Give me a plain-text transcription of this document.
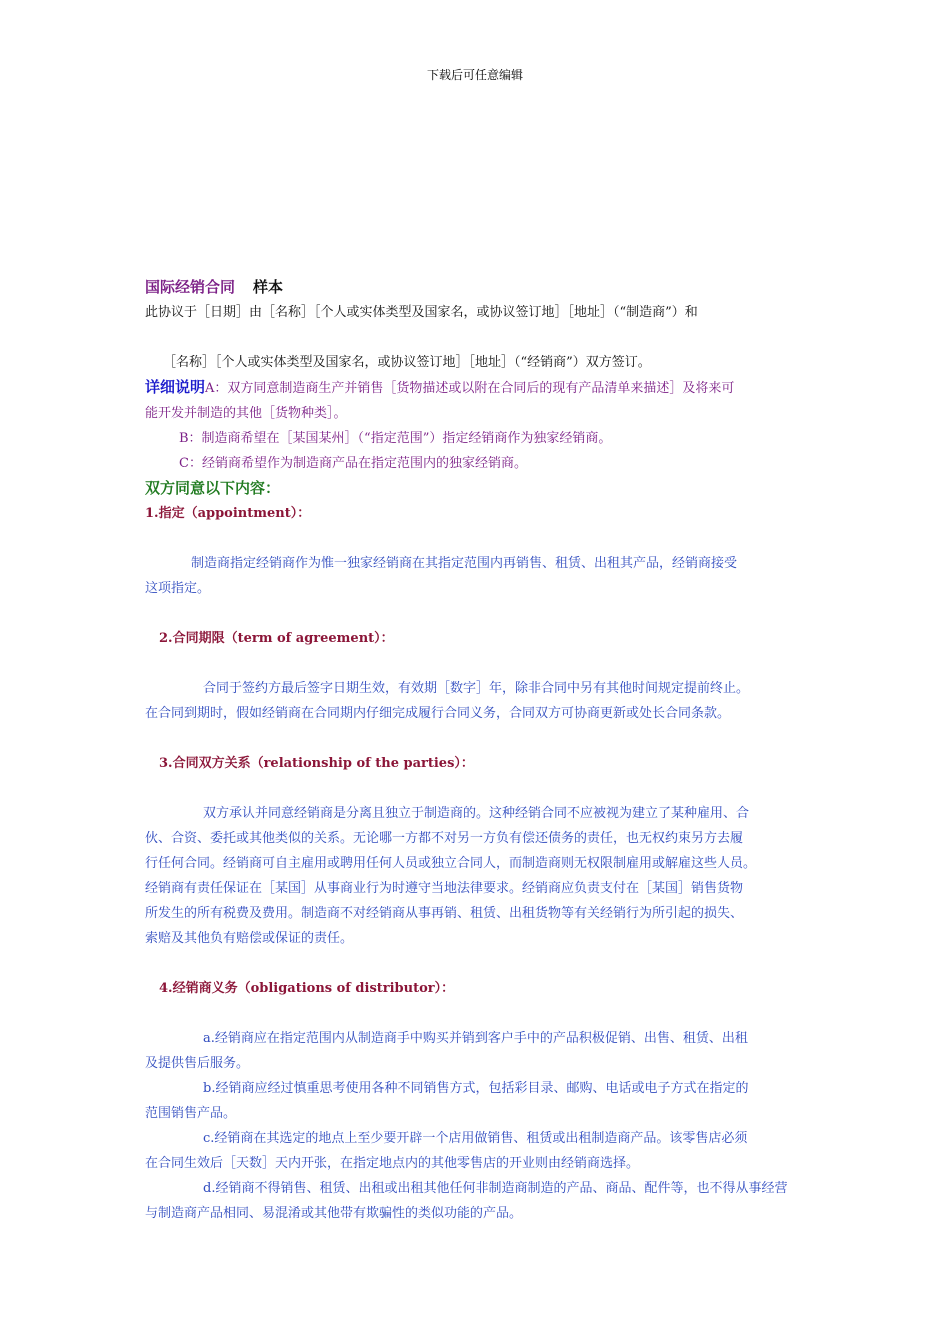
下载后可任意编辑
国际经销合同 样本
此协议于［日期］由［名称］［个人或实体类型及国家名，或协议签订地］［地址］（“制造商”）和
［名称］［个人或实体类型及国家名，或协议签订地］［地址］（“经销商”）双方签订。
详细说明A：双方同意制造商生产并销售［货物描述或以附在合同后的现有产品清单来描述］及将来可
能开发并制造的其他［货物种类］。
B：制造商希望在［某国某州］（“指定范围”）指定经销商作为独家经销商。
C：经销商希望作为制造商产品在指定范围内的独家经销商。
双方同意以下内容：
1.指定（appointment）：
制造商指定经销商作为惟一独家经销商在其指定范围内再销售、租赁、出租其产品，经销商接受
这项指定。
2.合同期限（term of agreement）：
合同于签约方最后签字日期生效，有效期［数字］年，除非合同中另有其他时间规定提前终止。
在合同到期时，假如经销商在合同期内仔细完成履行合同义务，合同双方可协商更新或处长合同条款。
3.合同双方关系（relationship of the parties）：
双方承认并同意经销商是分离且独立于制造商的。这种经销合同不应被视为建立了某种雇用、合
伙、合资、委托或其他类似的关系。无论哪一方都不对另一方负有偿还债务的责任，也无权约束另方去履
行任何合同。经销商可自主雇用或聘用任何人员或独立合同人，而制造商则无权限制雇用或解雇这些人员。
经销商有责任保证在［某国］从事商业行为时遵守当地法律要求。经销商应负责支付在［某国］销售货物
所发生的所有税费及费用。制造商不对经销商从事再销、租赁、出租货物等有关经销行为所引起的损失、
索赔及其他负有赔偿或保证的责任。
4.经销商义务（obligations of distributor）：
a.经销商应在指定范围内从制造商手中购买并销到客户手中的产品积极促销、出售、租赁、出租
及提供售后服务。
b.经销商应经过慎重思考使用各种不同销售方式，包括彩目录、邮购、电话或电子方式在指定的
范围销售产品。
c.经销商在其选定的地点上至少要开辟一个店用做销售、租赁或出租制造商产品。该零售店必须
在合同生效后［天数］天内开张，在指定地点内的其他零售店的开业则由经销商选择。
d.经销商不得销售、租赁、出租或出租其他任何非制造商制造的产品、商品、配件等，也不得从事经营
与制造商产品相同、易混淆或其他带有欺骗性的类似功能的产品。
